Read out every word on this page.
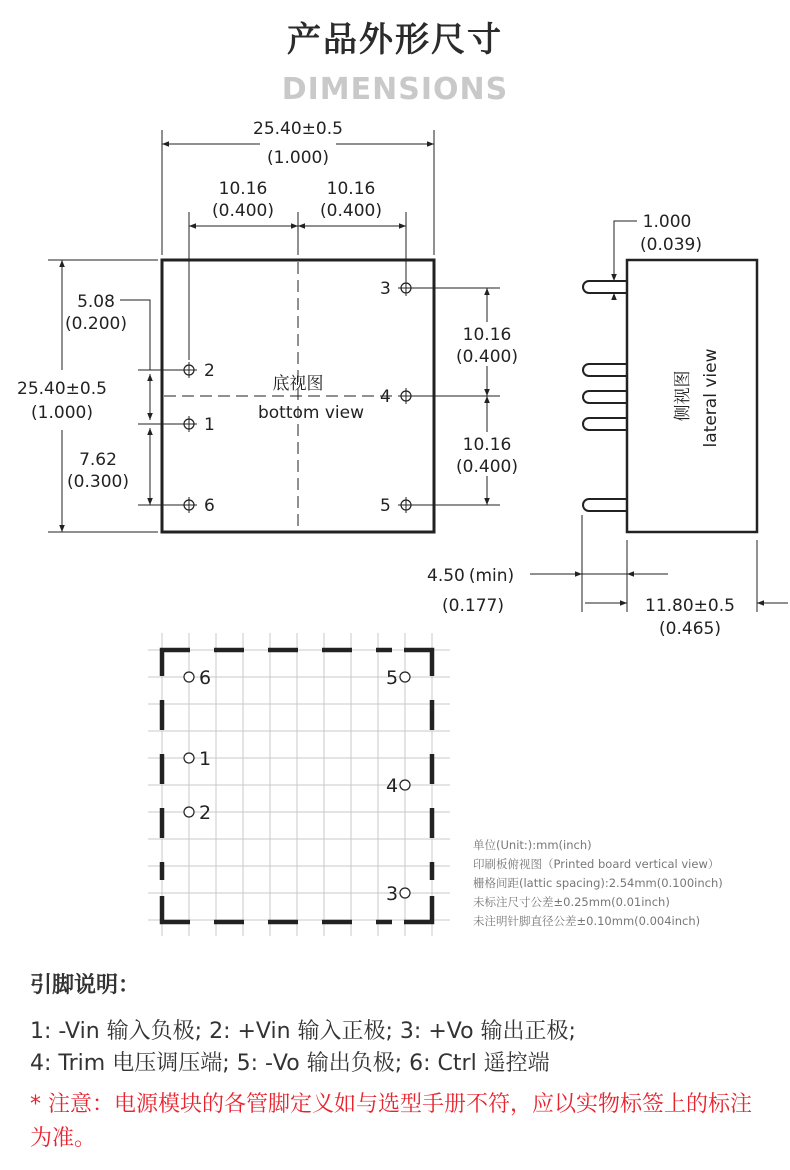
产品外形尺寸
DIMENSIONS
25.40±0.5
(1.000)
10.16
(0.400)
10.16
(0.400)
5.08
(0.200)
25.40±0.5
(1.000)
7.62
(0.300)
10.16
(0.400)
10.16
(0.400)
底视图
bottom view
2
1
6
3
4
5
1.000
(0.039)
4.50 (min)
(0.177)	11.80±0.5
(0.465)
侧视图 lateral view
6
1
2
5
4
3
单位(Unit:):mm(inch)
印刷板俯视图（Printed board vertical view）
栅格间距(lattic spacing):2.54mm(0.100inch)
未标注尺寸公差±0.25mm(0.01inch)
未注明针脚直径公差±0.10mm(0.004inch)
引脚说明：
1: -Vin 输入负极; 2: +Vin 输入正极; 3: +Vo 输出正极;
4: Trim 电压调压端; 5: -Vo 输出负极; 6: Ctrl 遥控端
* 注意：电源模块的各管脚定义如与选型手册不符，应以实物标签上的标注为准。
